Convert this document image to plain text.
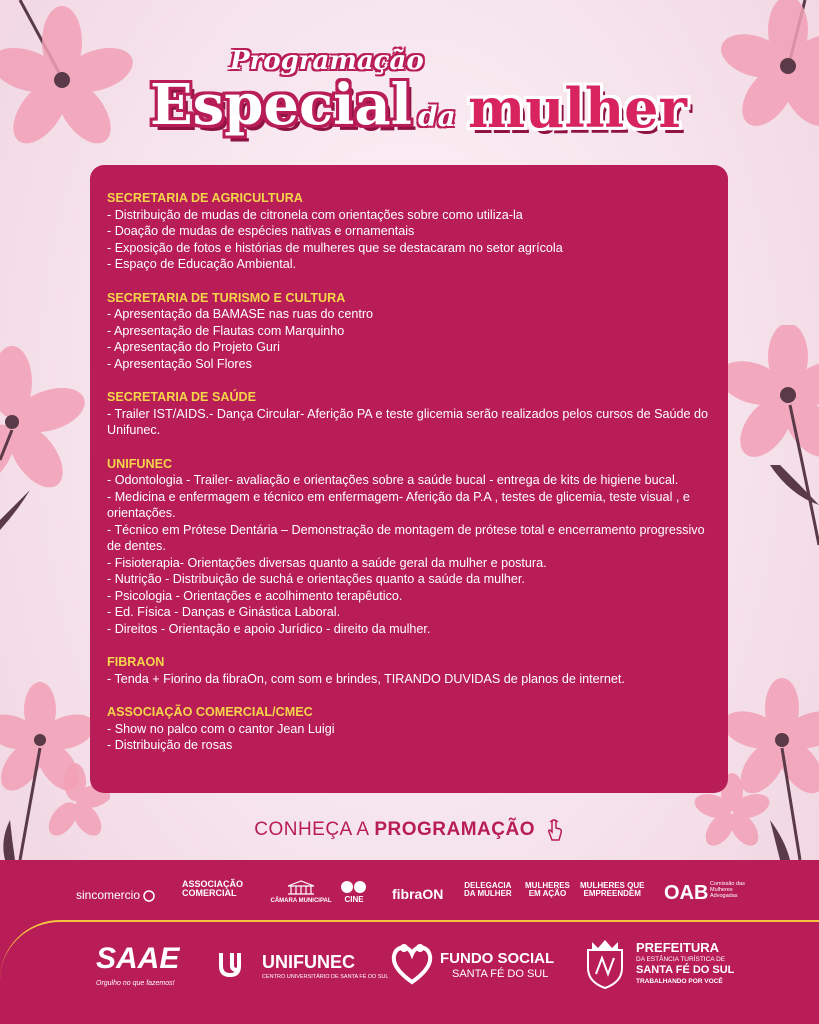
Programação
Especial da mulher
SECRETARIA DE AGRICULTURA
- Distribuição de mudas de citronela com orientações sobre como utiliza-la
- Doação de mudas de espécies nativas e ornamentais
- Exposição de fotos e histórias de mulheres que se destacaram no setor agrícola
- Espaço de Educação Ambiental.
SECRETARIA DE TURISMO E CULTURA
- Apresentação da BAMASE nas ruas do centro
- Apresentação de Flautas com Marquinho
- Apresentação do Projeto Guri
- Apresentação Sol Flores
SECRETARIA DE SAÚDE
- Trailer IST/AIDS.- Dança Circular- Aferição PA e teste glicemia serão realizados pelos cursos de Saúde do Unifunec.
UNIFUNEC
- Odontologia - Trailer- avaliação e orientações sobre a saúde bucal - entrega de kits de higiene bucal.
- Medicina e enfermagem e técnico em enfermagem- Aferição da P.A , testes de glicemia, teste visual , e orientações.
- Técnico em Prótese Dentária – Demonstração de montagem de prótese total e encerramento progressivo de dentes.
- Fisioterapia- Orientações diversas quanto a saúde geral da mulher e postura.
- Nutrição - Distribuição de suchá e orientações quanto a saúde da mulher.
- Psicologia - Orientações e acolhimento terapêutico.
- Ed. Física - Danças e Ginástica Laboral.
- Direitos - Orientação e apoio Jurídico - direito da mulher.
FIBRAON
- Tenda + Fiorino da fibraOn, com som e brindes, TIRANDO DUVIDAS de planos de internet.
ASSOCIAÇÃO COMERCIAL/CMEC
- Show no palco com o cantor Jean Luigi
- Distribuição de rosas
CONHEÇA A PROGRAMAÇÃO
sincomercio
ASSOCIAÇÃO
COMERCIAL

CÂMARA MUNICIPAL	CINE	fibraON
DELEGACIA
DA MULHER
MULHERES
EM AÇÃO
MULHERES QUE
EMPREENDEM OAB Comissão das Mulheres Advogadas
SAAE
Orgulho no que fazemos!
UNIFUNEC
CENTRO UNIVERSITÁRIO DE SANTA FÉ DO SUL
FUNDO SOCIAL
SANTA FÉ DO SUL
PREFEITURA
DA ESTÂNCIA TURÍSTICA DE
SANTA FÉ DO SUL
TRABALHANDO POR VOCÊ
